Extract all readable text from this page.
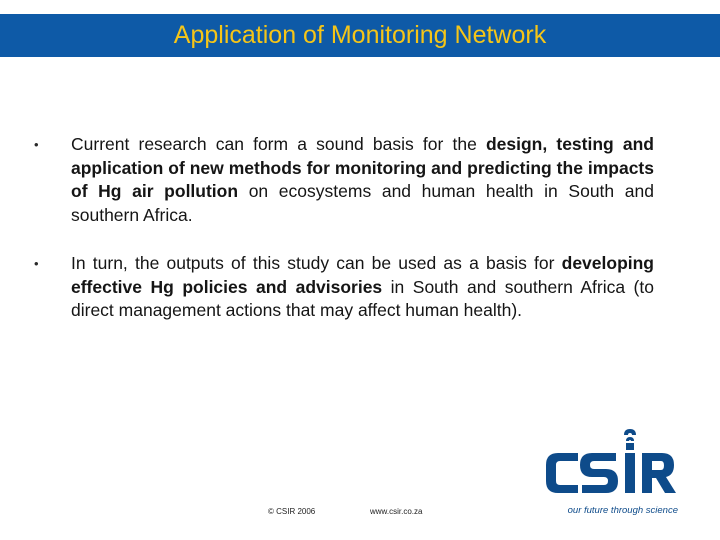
Application of Monitoring Network
• Current research can form a sound basis for the design, testing and application of new methods for monitoring and predicting the impacts of Hg air pollution on ecosystems and human health in South and southern Africa.
• In turn, the outputs of this study can be used as a basis for developing effective Hg policies and advisories in South and southern Africa (to direct management actions that may affect human health).
© CSIR 2006	www.csir.co.za	our future through science
